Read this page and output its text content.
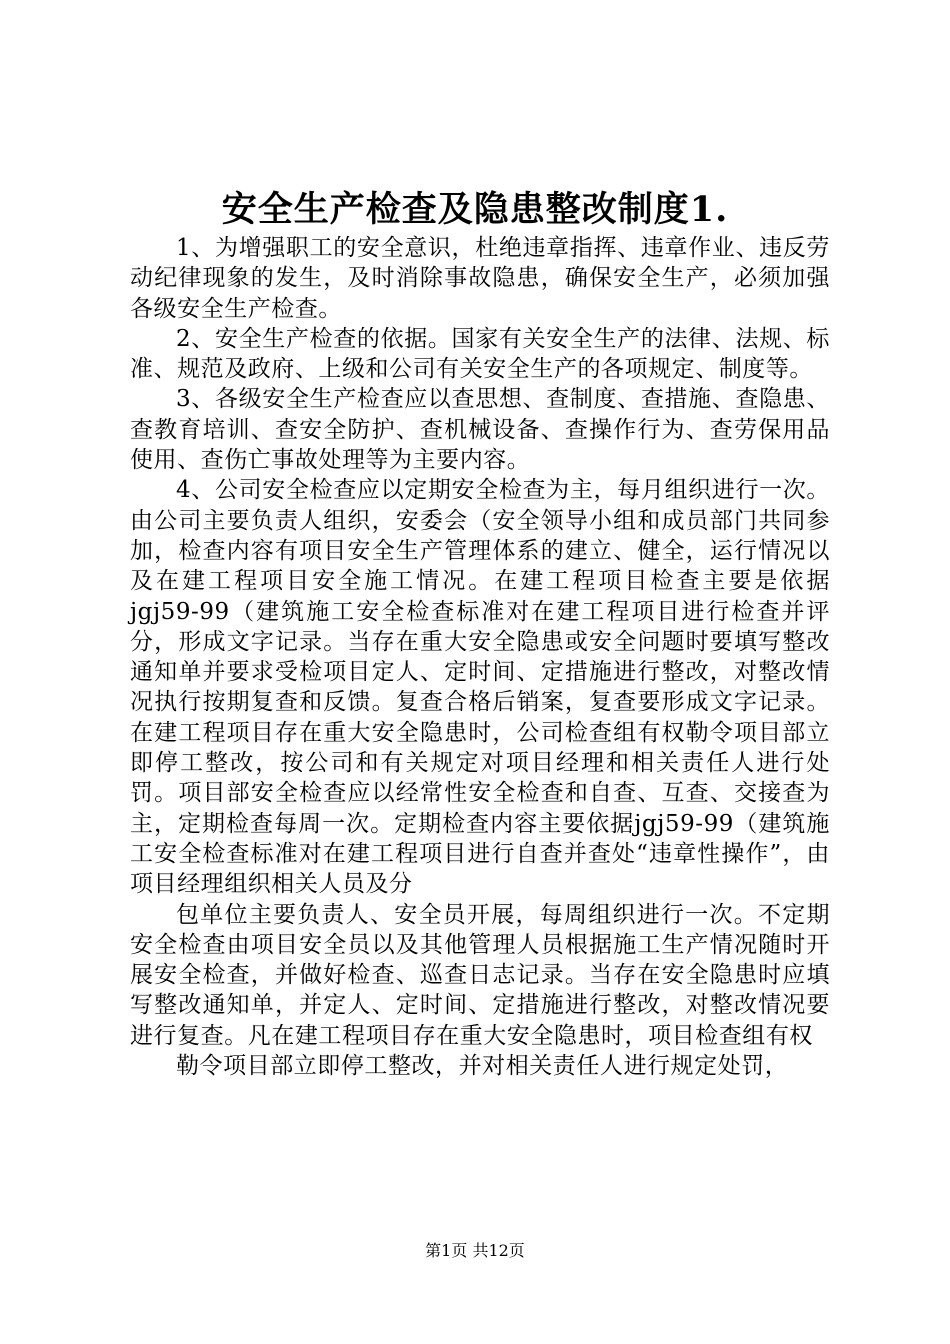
安全生产检查及隐患整改制度1.

1、为增强职工的安全意识，杜绝违章指挥、违章作业、违反劳动纪律现象的发生，及时消除事故隐患，确保安全生产，必须加强各级安全生产检查。

2、安全生产检查的依据。国家有关安全生产的法律、法规、标准、规范及政府、上级和公司有关安全生产的各项规定、制度等。

3、各级安全生产检查应以查思想、查制度、查措施、查隐患、查教育培训、查安全防护、查机械设备、查操作行为、查劳保用品使用、查伤亡事故处理等为主要内容。

4、公司安全检查应以定期安全检查为主，每月组织进行一次。由公司主要负责人组织，安委会（安全领导小组和成员部门共同参加，检查内容有项目安全生产管理体系的建立、健全，运行情况以及在建工程项目安全施工情况。在建工程项目检查主要是依据jgj59-99（建筑施工安全检查标准对在建工程项目进行检查并评分，形成文字记录。当存在重大安全隐患或安全问题时要填写整改通知单并要求受检项目定人、定时间、定措施进行整改，对整改情况执行按期复查和反馈。复查合格后销案，复查要形成文字记录。在建工程项目存在重大安全隐患时，公司检查组有权勒令项目部立即停工整改，按公司和有关规定对项目经理和相关责任人进行处罚。项目部安全检查应以经常性安全检查和自查、互查、交接查为主，定期检查每周一次。定期检查内容主要依据jgj59-99（建筑施工安全检查标准对在建工程项目进行自查并查处“违章性操作”，由项目经理组织相关人员及分

包单位主要负责人、安全员开展，每周组织进行一次。不定期安全检查由项目安全员以及其他管理人员根据施工生产情况随时开展安全检查，并做好检查、巡查日志记录。当存在安全隐患时应填写整改通知单，并定人、定时间、定措施进行整改，对整改情况要进行复查。凡在建工程项目存在重大安全隐患时，项目检查组有权

勒令项目部立即停工整改，并对相关责任人进行规定处罚，

第1页 共12页
